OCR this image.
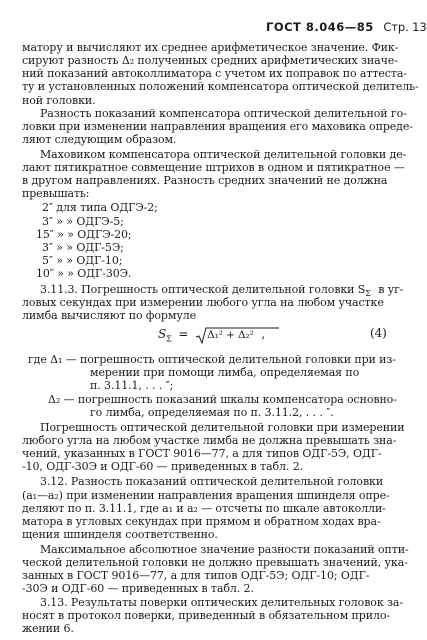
ГОСТ 8.046—85 Стр. 13
матору и вычисляют их среднее арифметическое значение. Фик-
сируют разность Δ₂ полученных средних арифметических значе-
ний показаний автоколлиматора с учетом их поправок по аттеста-
ту и установленных положений компенсатора оптической делитель-
ной головки.
Разность показаний компенсатора оптической делительной го-
ловки при изменении направления вращения его маховика опреде-
ляют следующим образом.
Маховиком компенсатора оптической делительной головки де-
лают пятикратное совмещение штрихов в одном и пятикратное —
в другом направлениях. Разность средних значений не должна
превышать:
2″ для типа ОДГЭ-2;
3″ » » ОДГЭ-5;
15″ » » ОДГЭ-20;
3″ » » ОДГ-5Э;
5″ » » ОДГ-10;
10″ » » ОДГ-30Э.
3.11.3. Погрешность оптической делительной головки $S_\Sigma$ в уг-
ловых секундах при измерении любого угла на любом участке
лимба вычисляют по формуле
$S_\Sigma = \Delta_1^2 + \Delta_2^2$ ,	(4)
где Δ₁ — погрешность оптической делительной головки при из-
мерении при помощи лимба, определяемая по
п. 3.11.1, . . . ″;
Δ₂ — погрешность показаний шкалы компенсатора основно-
го лимба, определяемая по п. 3.11.2, . . . ″.
Погрешность оптической делительной головки при измерении
любого угла на любом участке лимба не должна превышать зна-
чений, указанных в ГОСТ 9016—77, а для типов ОДГ-5Э, ОДГ-
-10, ОДГ-30Э и ОДГ-60 — приведенных в табл. 2.
3.12. Разность показаний оптической делительной головки
(a₁—a₂) при изменении направления вращения шпинделя опре-
деляют по п. 3.11.1, где a₁ и a₂ — отсчеты по шкале автоколли-
матора в угловых секундах при прямом и обратном ходах вра-
щения шпинделя соответственно.
Максимальное абсолютное значение разности показаний опти-
ческой делительной головки не должно превышать значений, ука-
занных в ГОСТ 9016—77, а для типов ОДГ-5Э; ОДГ-10; ОДГ-
-30Э и ОДГ-60 — приведенных в табл. 2.
3.13. Результаты поверки оптических делительных головок за-
носят в протокол поверки, приведенный в обязательном прило-
жении 6.
